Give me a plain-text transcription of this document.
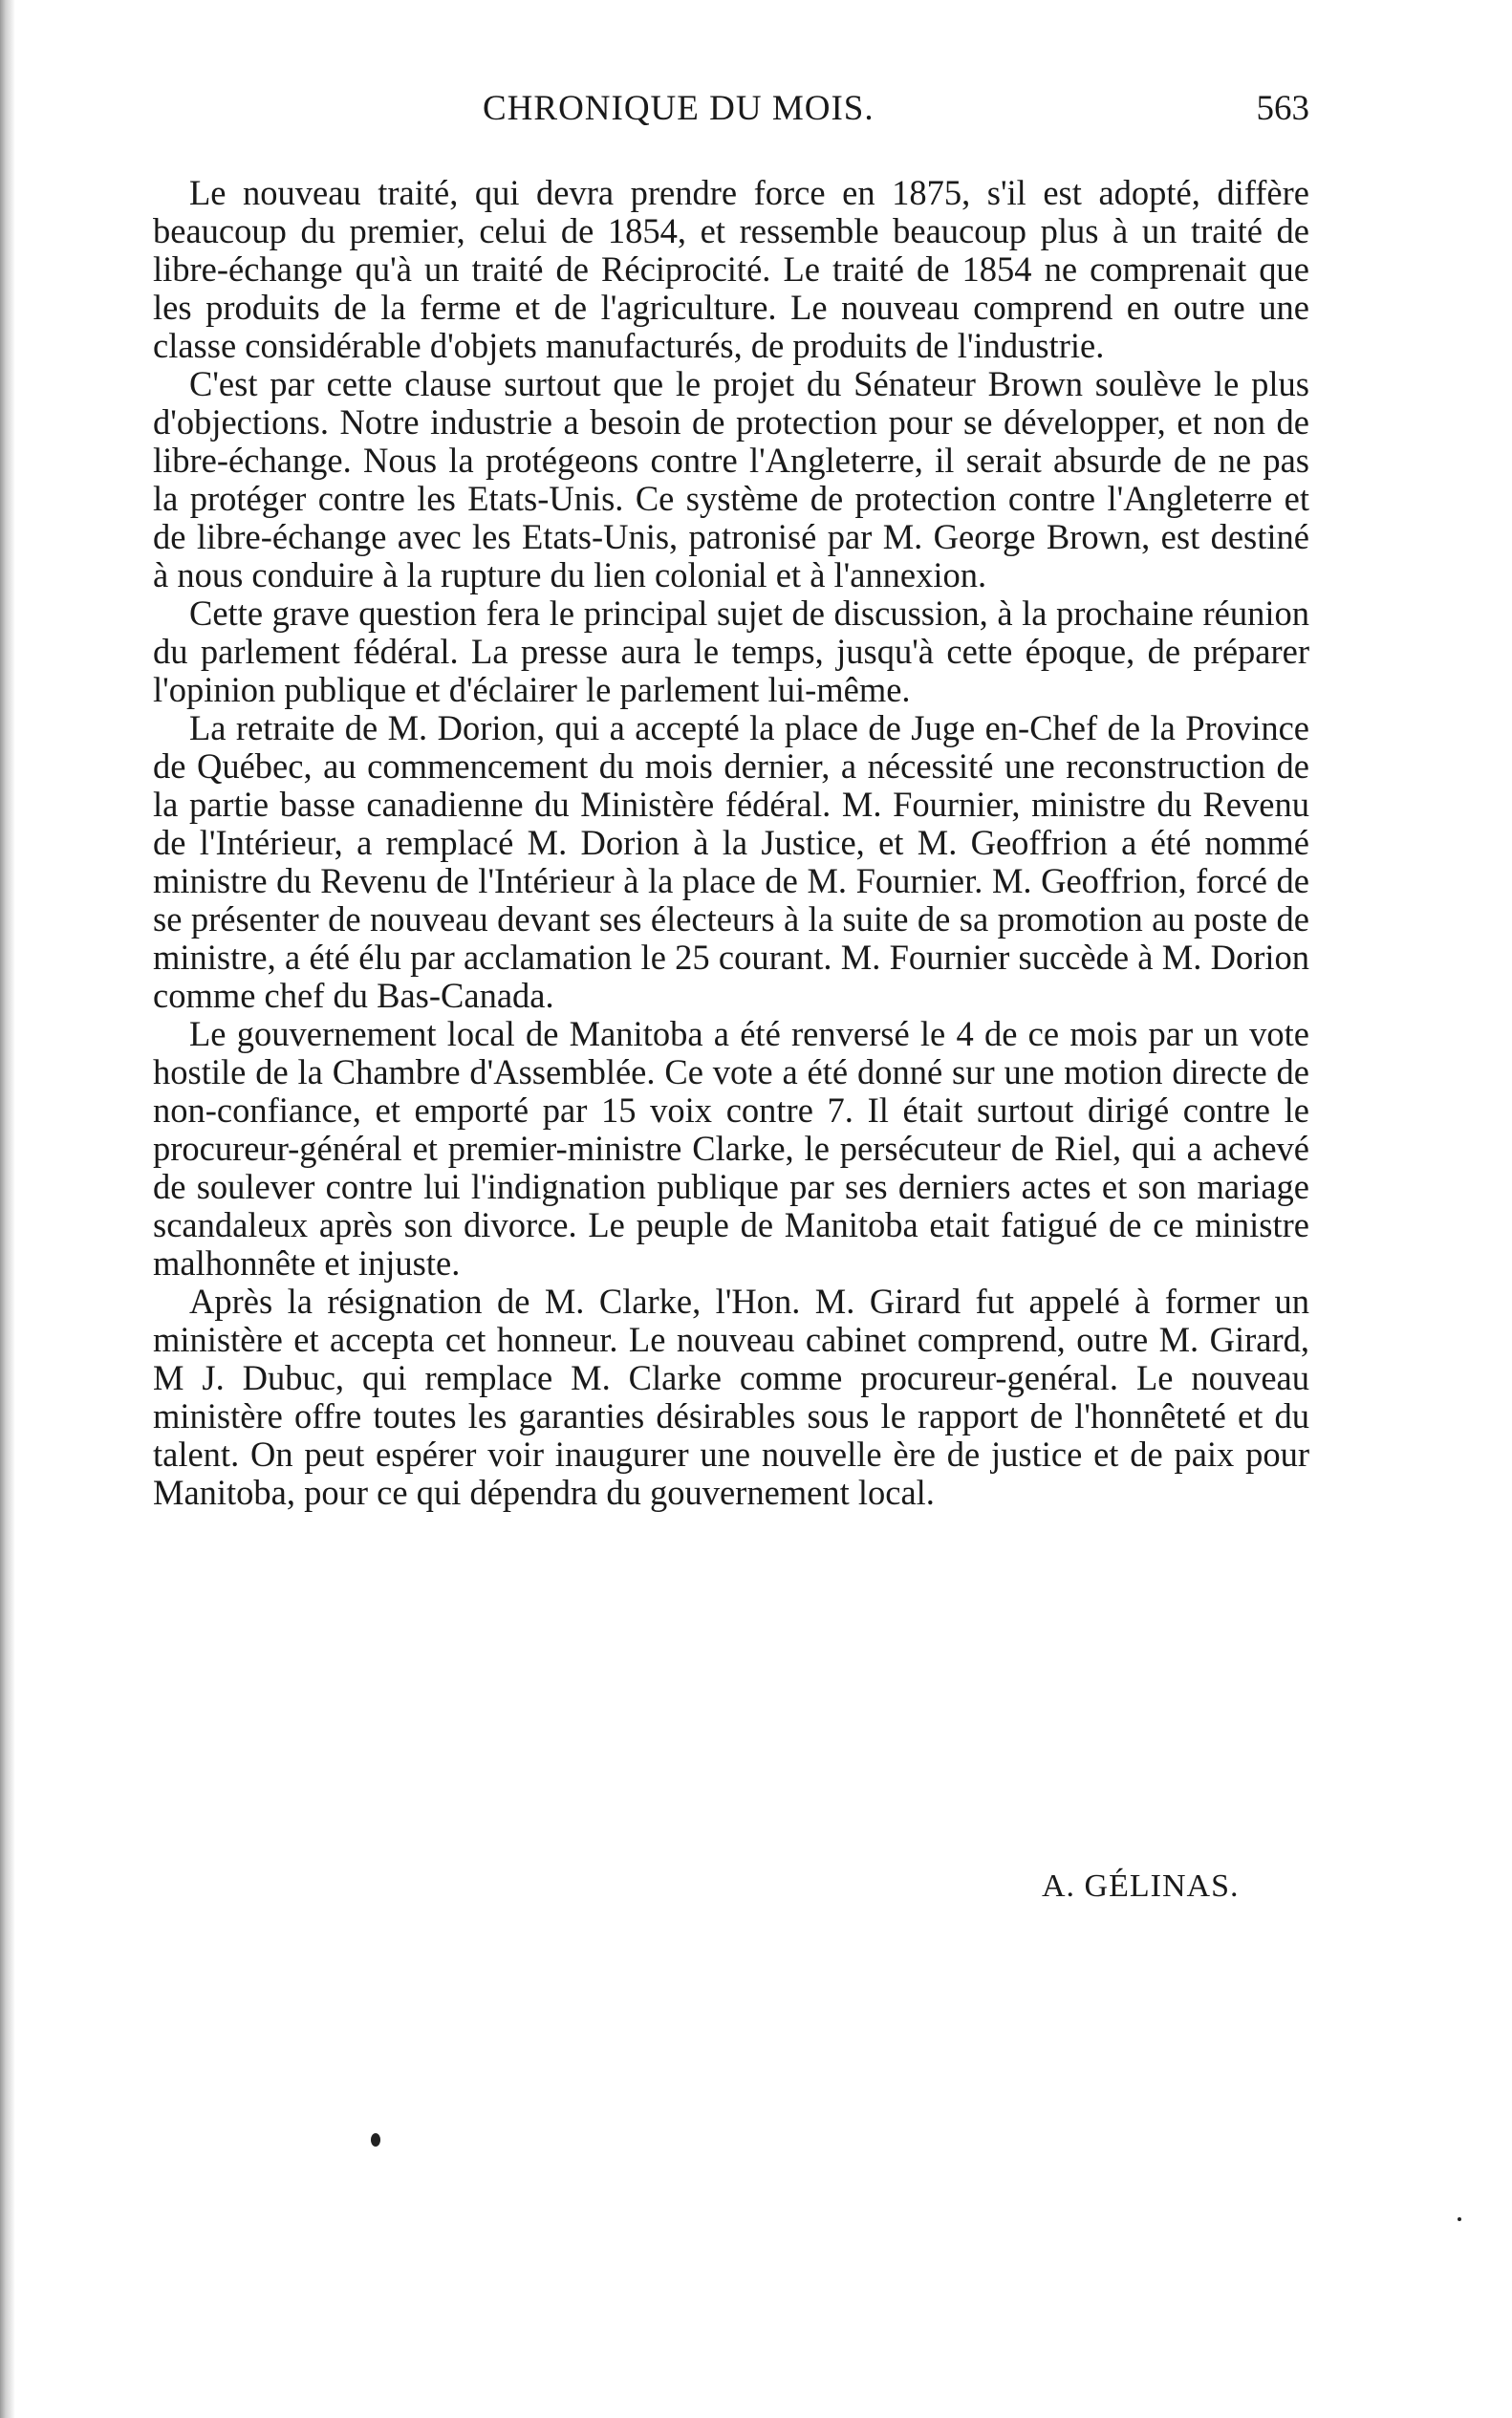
CHRONIQUE DU MOIS.	563

Le nouveau traité, qui devra prendre force en 1875, s'il est adopté, diffère beaucoup du premier, celui de 1854, et ressemble beaucoup plus à un traité de libre-échange qu'à un traité de Réciprocité. Le traité de 1854 ne comprenait que les produits de la ferme et de l'agriculture. Le nouveau comprend en outre une classe considérable d'objets manufacturés, de produits de l'industrie.

C'est par cette clause surtout que le projet du Sénateur Brown soulève le plus d'objections. Notre industrie a besoin de protection pour se développer, et non de libre-échange. Nous la protégeons contre l'Angleterre, il serait absurde de ne pas la protéger contre les Etats-Unis. Ce système de protection contre l'Angleterre et de libre-échange avec les Etats-Unis, patronisé par M. George Brown, est destiné à nous conduire à la rupture du lien colonial et à l'annexion.

Cette grave question fera le principal sujet de discussion, à la prochaine réunion du parlement fédéral. La presse aura le temps, jusqu'à cette époque, de préparer l'opinion publique et d'éclairer le parlement lui-même.

La retraite de M. Dorion, qui a accepté la place de Juge en-Chef de la Province de Québec, au commencement du mois dernier, a nécessité une reconstruction de la partie basse canadienne du Ministère fédéral. M. Fournier, ministre du Revenu de l'Intérieur, a remplacé M. Dorion à la Justice, et M. Geoffrion a été nommé ministre du Revenu de l'Intérieur à la place de M. Fournier. M. Geoffrion, forcé de se présenter de nouveau devant ses électeurs à la suite de sa promotion au poste de ministre, a été élu par acclamation le 25 courant. M. Fournier succède à M. Dorion comme chef du Bas-Canada.

Le gouvernement local de Manitoba a été renversé le 4 de ce mois par un vote hostile de la Chambre d'Assemblée. Ce vote a été donné sur une motion directe de non-confiance, et emporté par 15 voix contre 7. Il était surtout dirigé contre le procureur-général et premier-ministre Clarke, le persécuteur de Riel, qui a achevé de soulever contre lui l'indignation publique par ses derniers actes et son mariage scandaleux après son divorce. Le peuple de Manitoba etait fatigué de ce ministre malhonnête et injuste.

Après la résignation de M. Clarke, l'Hon. M. Girard fut appelé à former un ministère et accepta cet honneur. Le nouveau cabinet comprend, outre M. Girard, M J. Dubuc, qui remplace M. Clarke comme procureur-genéral. Le nouveau ministère offre toutes les garanties désirables sous le rapport de l'honnêteté et du talent. On peut espérer voir inaugurer une nouvelle ère de justice et de paix pour Manitoba, pour ce qui dépendra du gouvernement local.

A. GÉLINAS.
